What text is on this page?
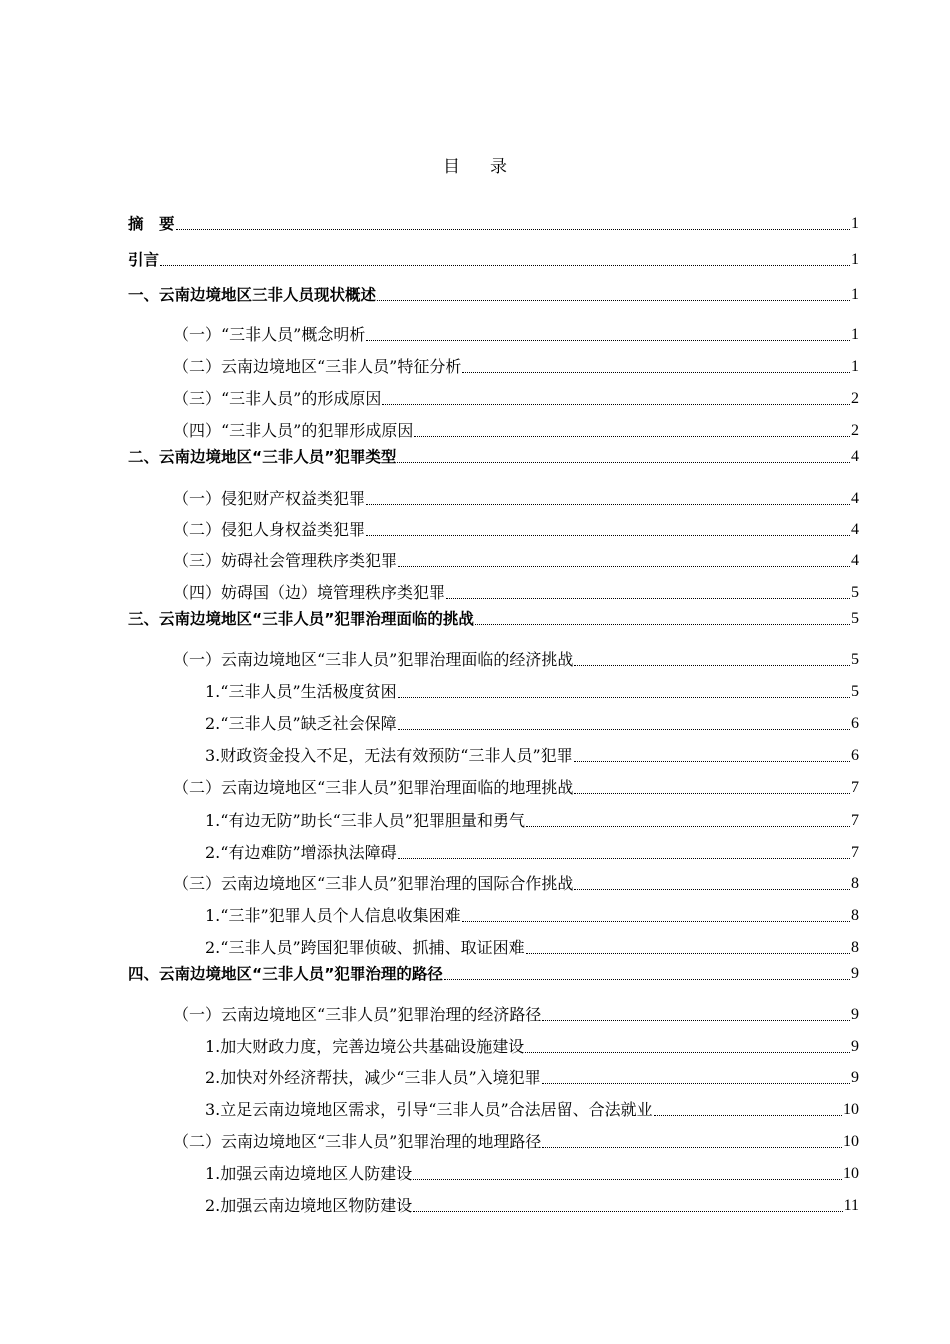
目录
摘　要	1
引言	1
一、云南边境地区三非人员现状概述	1
（一）“三非人员”概念明析	1
（二）云南边境地区“三非人员”特征分析	1
（三）“三非人员”的形成原因	2
（四）“三非人员”的犯罪形成原因	2
二、云南边境地区“三非人员”犯罪类型	4
（一）侵犯财产权益类犯罪	4
（二）侵犯人身权益类犯罪	4
（三）妨碍社会管理秩序类犯罪	4
（四）妨碍国（边）境管理秩序类犯罪	5
三、云南边境地区“三非人员”犯罪治理面临的挑战	5
（一）云南边境地区“三非人员”犯罪治理面临的经济挑战	5
1.“三非人员”生活极度贫困	5
2.“三非人员”缺乏社会保障	6
3.财政资金投入不足，无法有效预防“三非人员”犯罪	6
（二）云南边境地区“三非人员”犯罪治理面临的地理挑战	7
1.“有边无防”助长“三非人员”犯罪胆量和勇气	7
2.“有边难防”增添执法障碍	7
（三）云南边境地区“三非人员”犯罪治理的国际合作挑战	8
1.“三非”犯罪人员个人信息收集困难	8
2.“三非人员”跨国犯罪侦破、抓捕、取证困难	8
四、云南边境地区“三非人员”犯罪治理的路径	9
（一）云南边境地区“三非人员”犯罪治理的经济路径	9
1.加大财政力度，完善边境公共基础设施建设	9
2.加快对外经济帮扶，减少“三非人员”入境犯罪	9
3.立足云南边境地区需求，引导“三非人员”合法居留、合法就业	10
（二）云南边境地区“三非人员”犯罪治理的地理路径	10
1.加强云南边境地区人防建设	10
2.加强云南边境地区物防建设	11
